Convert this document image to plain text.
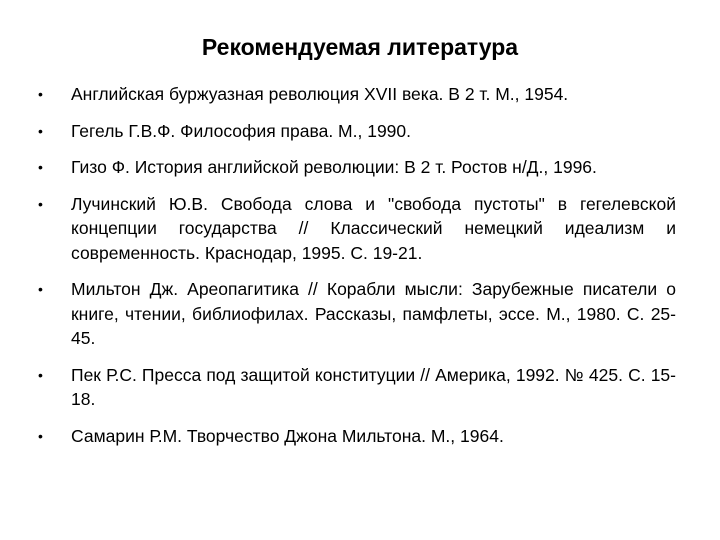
Рекомендуемая литература
• Английская буржуазная революция XVII века. В 2 т. М., 1954.
• Гегель Г.В.Ф. Философия права. М., 1990.
• Гизо Ф. История английской революции: В 2 т. Ростов н/Д., 1996.
• Лучинский Ю.В. Свобода слова и "свобода пустоты" в гегелевской концепции государства // Классический немецкий идеализм и современность. Краснодар, 1995. С. 19-21.
• Мильтон Дж. Ареопагитика // Корабли мысли: Зарубежные писатели о книге, чтении, библиофилах. Рассказы, памфлеты, эссе. М., 1980. С. 25-45.
• Пек Р.С. Пресса под защитой конституции // Америка, 1992. № 425. С. 15-18.
• Самарин Р.М. Творчество Джона Мильтона. М., 1964.
